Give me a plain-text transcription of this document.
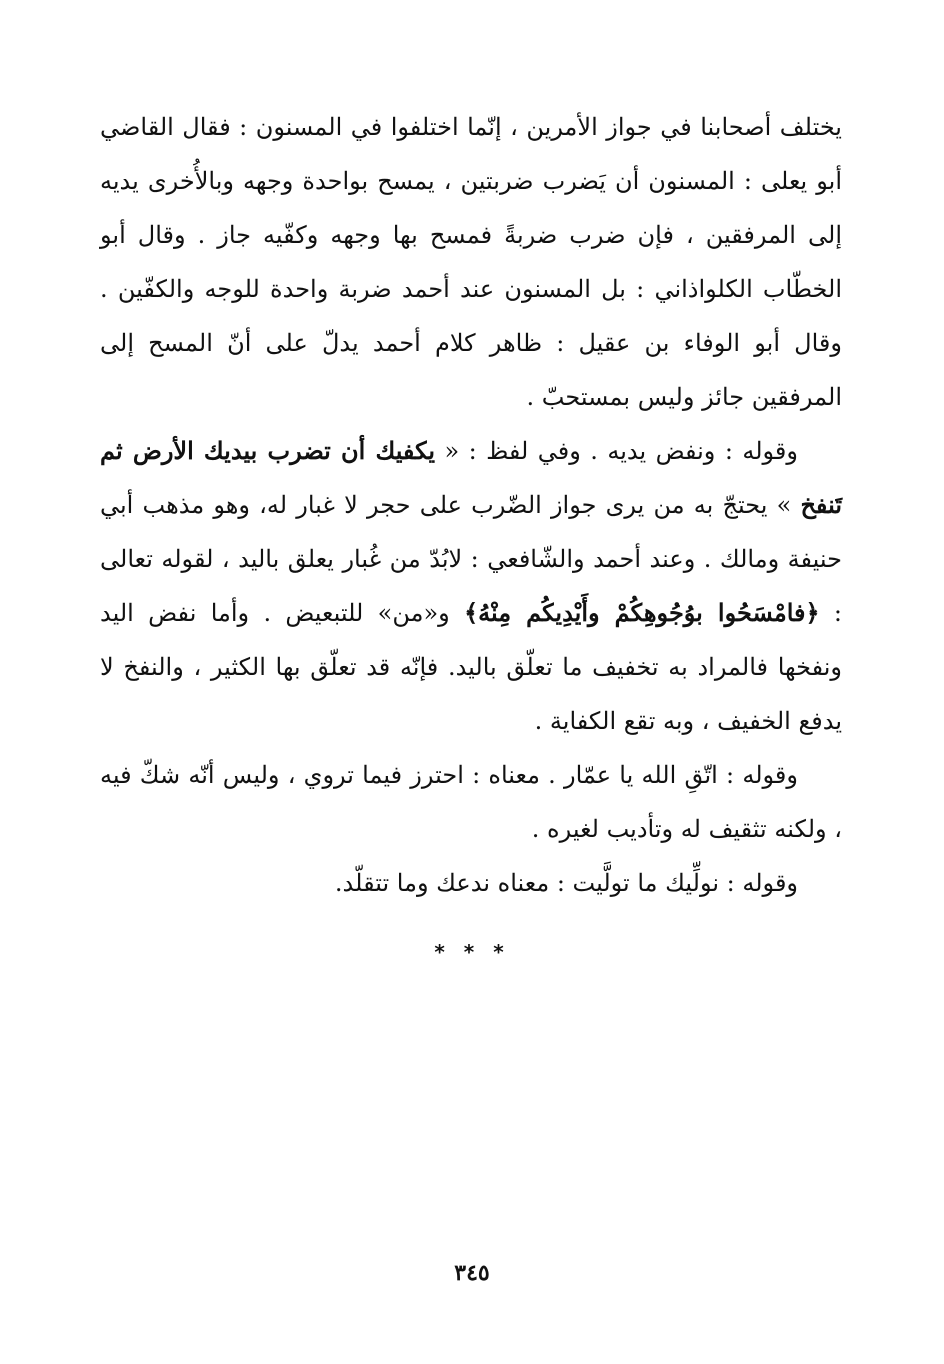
يختلف أصحابنا في جواز الأمرين ، إنّما اختلفوا في المسنون : فقال القاضي أبو يعلى : المسنون أن يَضرب ضربتين ، يمسح بواحدة وجهه وبالأُخرى يديه إلى المرفقين ، فإن ضرب ضربةً فمسح بها وجهه وكفّيه جاز . وقال أبو الخطّاب الكلواذاني : بل المسنون عند أحمد ضربة واحدة للوجه والكفّين . وقال أبو الوفاء بن عقيل : ظاهر كلام أحمد يدلّ على أنّ المسح إلى المرفقين جائز وليس بمستحبّ .

وقوله : ونفض يديه . وفي لفظ : « يكفيك أن تضرب بيديك الأرض ثم تَنفخ » يحتجّ به من يرى جواز الضّرب على حجر لا غبار له، وهو مذهب أبي حنيفة ومالك . وعند أحمد والشّافعي : لابُدّ من غُبار يعلق باليد ، لقوله تعالى : ﴿فامْسَحُوا بوُجُوهِكُمْ وأَيْدِيكُم مِنْهُ﴾ و«من» للتبعيض . وأما نفض اليد ونفخها فالمراد به تخفيف ما تعلّق باليد. فإنّه قد تعلّق بها الكثير ، والنفخ لا يدفع الخفيف ، وبه تقع الكفاية .

وقوله : اتّقِ الله يا عمّار . معناه : احترز فيما تروي ، وليس أنّه شكّ فيه ، ولكنه تثقيف له وتأديب لغيره .

وقوله : نولِّيك ما تولَّيت : معناه ندعك وما تتقلّد.

* * *
٣٤٥
